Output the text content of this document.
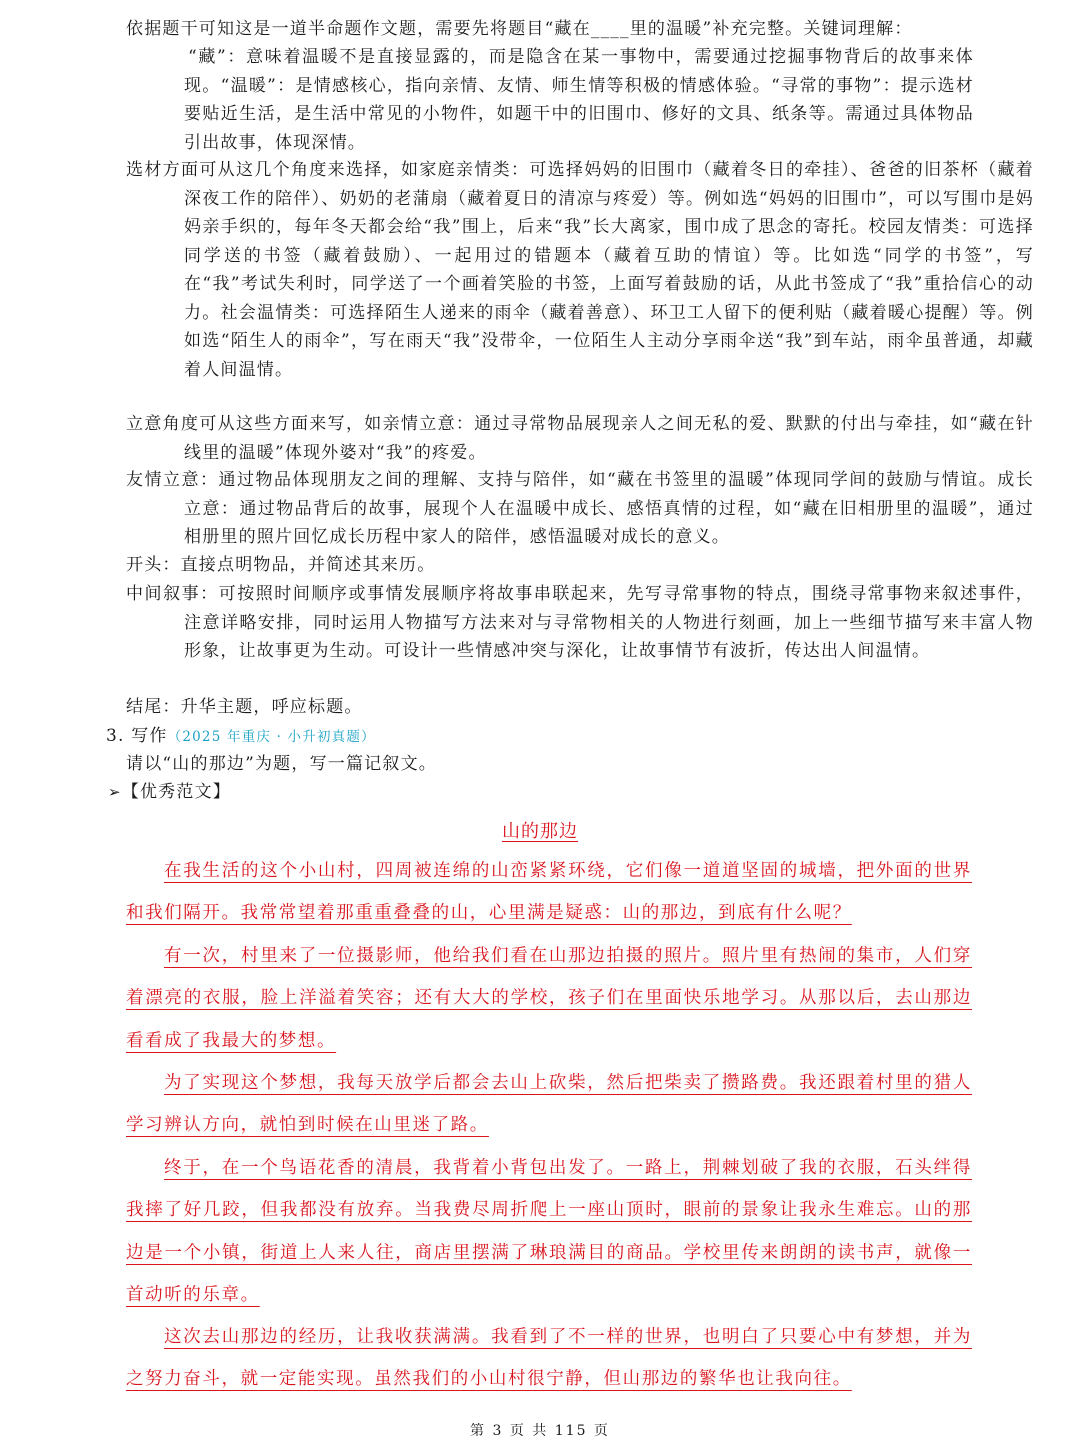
依据题干可知这是一道半命题作文题，需要先将题目“藏在____里的温暖”补充完整。关键词理解：
“藏”：意味着温暖不是直接显露的，而是隐含在某一事物中，需要通过挖掘事物背后的故事来体现。“温暖”：是情感核心，指向亲情、友情、师生情等积极的情感体验。“寻常的事物”：提示选材要贴近生活，是生活中常见的小物件，如题干中的旧围巾、修好的文具、纸条等。需通过具体物品引出故事，体现深情。
选材方面可从这几个角度来选择，如家庭亲情类：可选择妈妈的旧围巾（藏着冬日的牵挂）、爸爸的旧茶杯（藏着深夜工作的陪伴）、奶奶的老蒲扇（藏着夏日的清凉与疼爱）等。例如选“妈妈的旧围巾”，可以写围巾是妈妈亲手织的，每年冬天都会给“我”围上，后来“我”长大离家，围巾成了思念的寄托。校园友情类：可选择同学送的书签（藏着鼓励）、一起用过的错题本（藏着互助的情谊）等。比如选“同学的书签”，写在“我”考试失利时，同学送了一个画着笑脸的书签，上面写着鼓励的话，从此书签成了“我”重拾信心的动力。社会温情类：可选择陌生人递来的雨伞（藏着善意）、环卫工人留下的便利贴（藏着暖心提醒）等。例如选“陌生人的雨伞”，写在雨天“我”没带伞，一位陌生人主动分享雨伞送“我”到车站，雨伞虽普通，却藏着人间温情。
立意角度可从这些方面来写，如亲情立意：通过寻常物品展现亲人之间无私的爱、默默的付出与牵挂，如“藏在针线里的温暖”体现外婆对“我”的疼爱。
友情立意：通过物品体现朋友之间的理解、支持与陪伴，如“藏在书签里的温暖”体现同学间的鼓励与情谊。成长立意：通过物品背后的故事，展现个人在温暖中成长、感悟真情的过程，如“藏在旧相册里的温暖”，通过相册里的照片回忆成长历程中家人的陪伴，感悟温暖对成长的意义。
开头：直接点明物品，并简述其来历。
中间叙事：可按照时间顺序或事情发展顺序将故事串联起来，先写寻常事物的特点，围绕寻常事物来叙述事件，注意详略安排，同时运用人物描写方法来对与寻常物相关的人物进行刻画，加上一些细节描写来丰富人物形象，让故事更为生动。可设计一些情感冲突与深化，让故事情节有波折，传达出人间温情。
结尾：升华主题，呼应标题。
3. 写作（2025 年重庆 · 小升初真题）
请以“山的那边”为题，写一篇记叙文。
➢【优秀范文】
山的那边
在我生活的这个小山村，四周被连绵的山峦紧紧环绕，它们像一道道坚固的城墙，把外面的世界和我们隔开。我常常望着那重重叠叠的山，心里满是疑惑：山的那边，到底有什么呢？
有一次，村里来了一位摄影师，他给我们看在山那边拍摄的照片。照片里有热闹的集市，人们穿着漂亮的衣服，脸上洋溢着笑容；还有大大的学校，孩子们在里面快乐地学习。从那以后，去山那边看看成了我最大的梦想。
为了实现这个梦想，我每天放学后都会去山上砍柴，然后把柴卖了攒路费。我还跟着村里的猎人学习辨认方向，就怕到时候在山里迷了路。
终于，在一个鸟语花香的清晨，我背着小背包出发了。一路上，荆棘划破了我的衣服，石头绊得我摔了好几跤，但我都没有放弃。当我费尽周折爬上一座山顶时，眼前的景象让我永生难忘。山的那边是一个小镇，街道上人来人往，商店里摆满了琳琅满目的商品。学校里传来朗朗的读书声，就像一首动听的乐章。
这次去山那边的经历，让我收获满满。我看到了不一样的世界，也明白了只要心中有梦想，并为之努力奋斗，就一定能实现。虽然我们的小山村很宁静，但山那边的繁华也让我向往。
第 3 页 共 115 页
